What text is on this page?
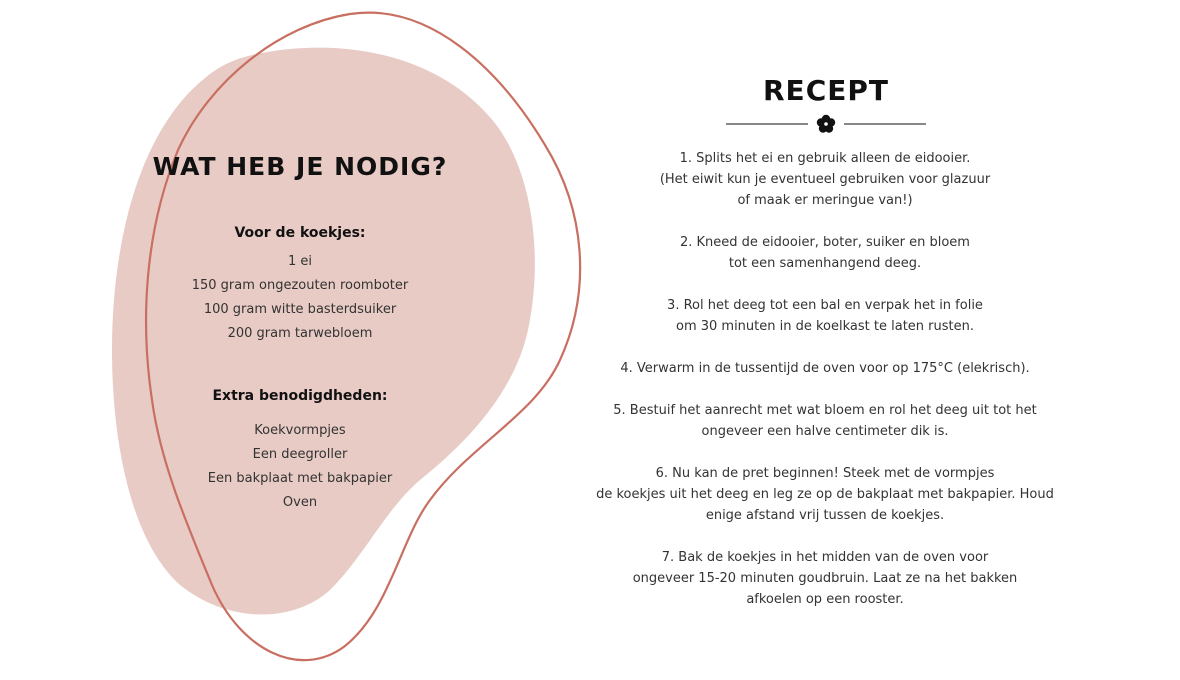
WAT HEB JE NODIG?
Voor de koekjes:
1 ei
150 gram ongezouten roomboter
100 gram witte basterdsuiker
200 gram tarwebloem
Extra benodigdheden:
Koekvormpjes
Een deegroller
Een bakplaat met bakpapier
Oven
RECEPT
1. Splits het ei en gebruik alleen de eidooier.
(Het eiwit kun je eventueel gebruiken voor glazuur
of maak er meringue van!)
2. Kneed de eidooier, boter, suiker en bloem
tot een samenhangend deeg.
3. Rol het deeg tot een bal en verpak het in folie
om 30 minuten in de koelkast te laten rusten.
4. Verwarm in de tussentijd de oven voor op 175°C (elekrisch).
5. Bestuif het aanrecht met wat bloem en rol het deeg uit tot het
ongeveer een halve centimeter dik is.
6. Nu kan de pret beginnen! Steek met de vormpjes
de koekjes uit het deeg en leg ze op de bakplaat met bakpapier. Houd
enige afstand vrij tussen de koekjes.
7. Bak de koekjes in het midden van de oven voor
ongeveer 15-20 minuten goudbruin. Laat ze na het bakken
afkoelen op een rooster.
